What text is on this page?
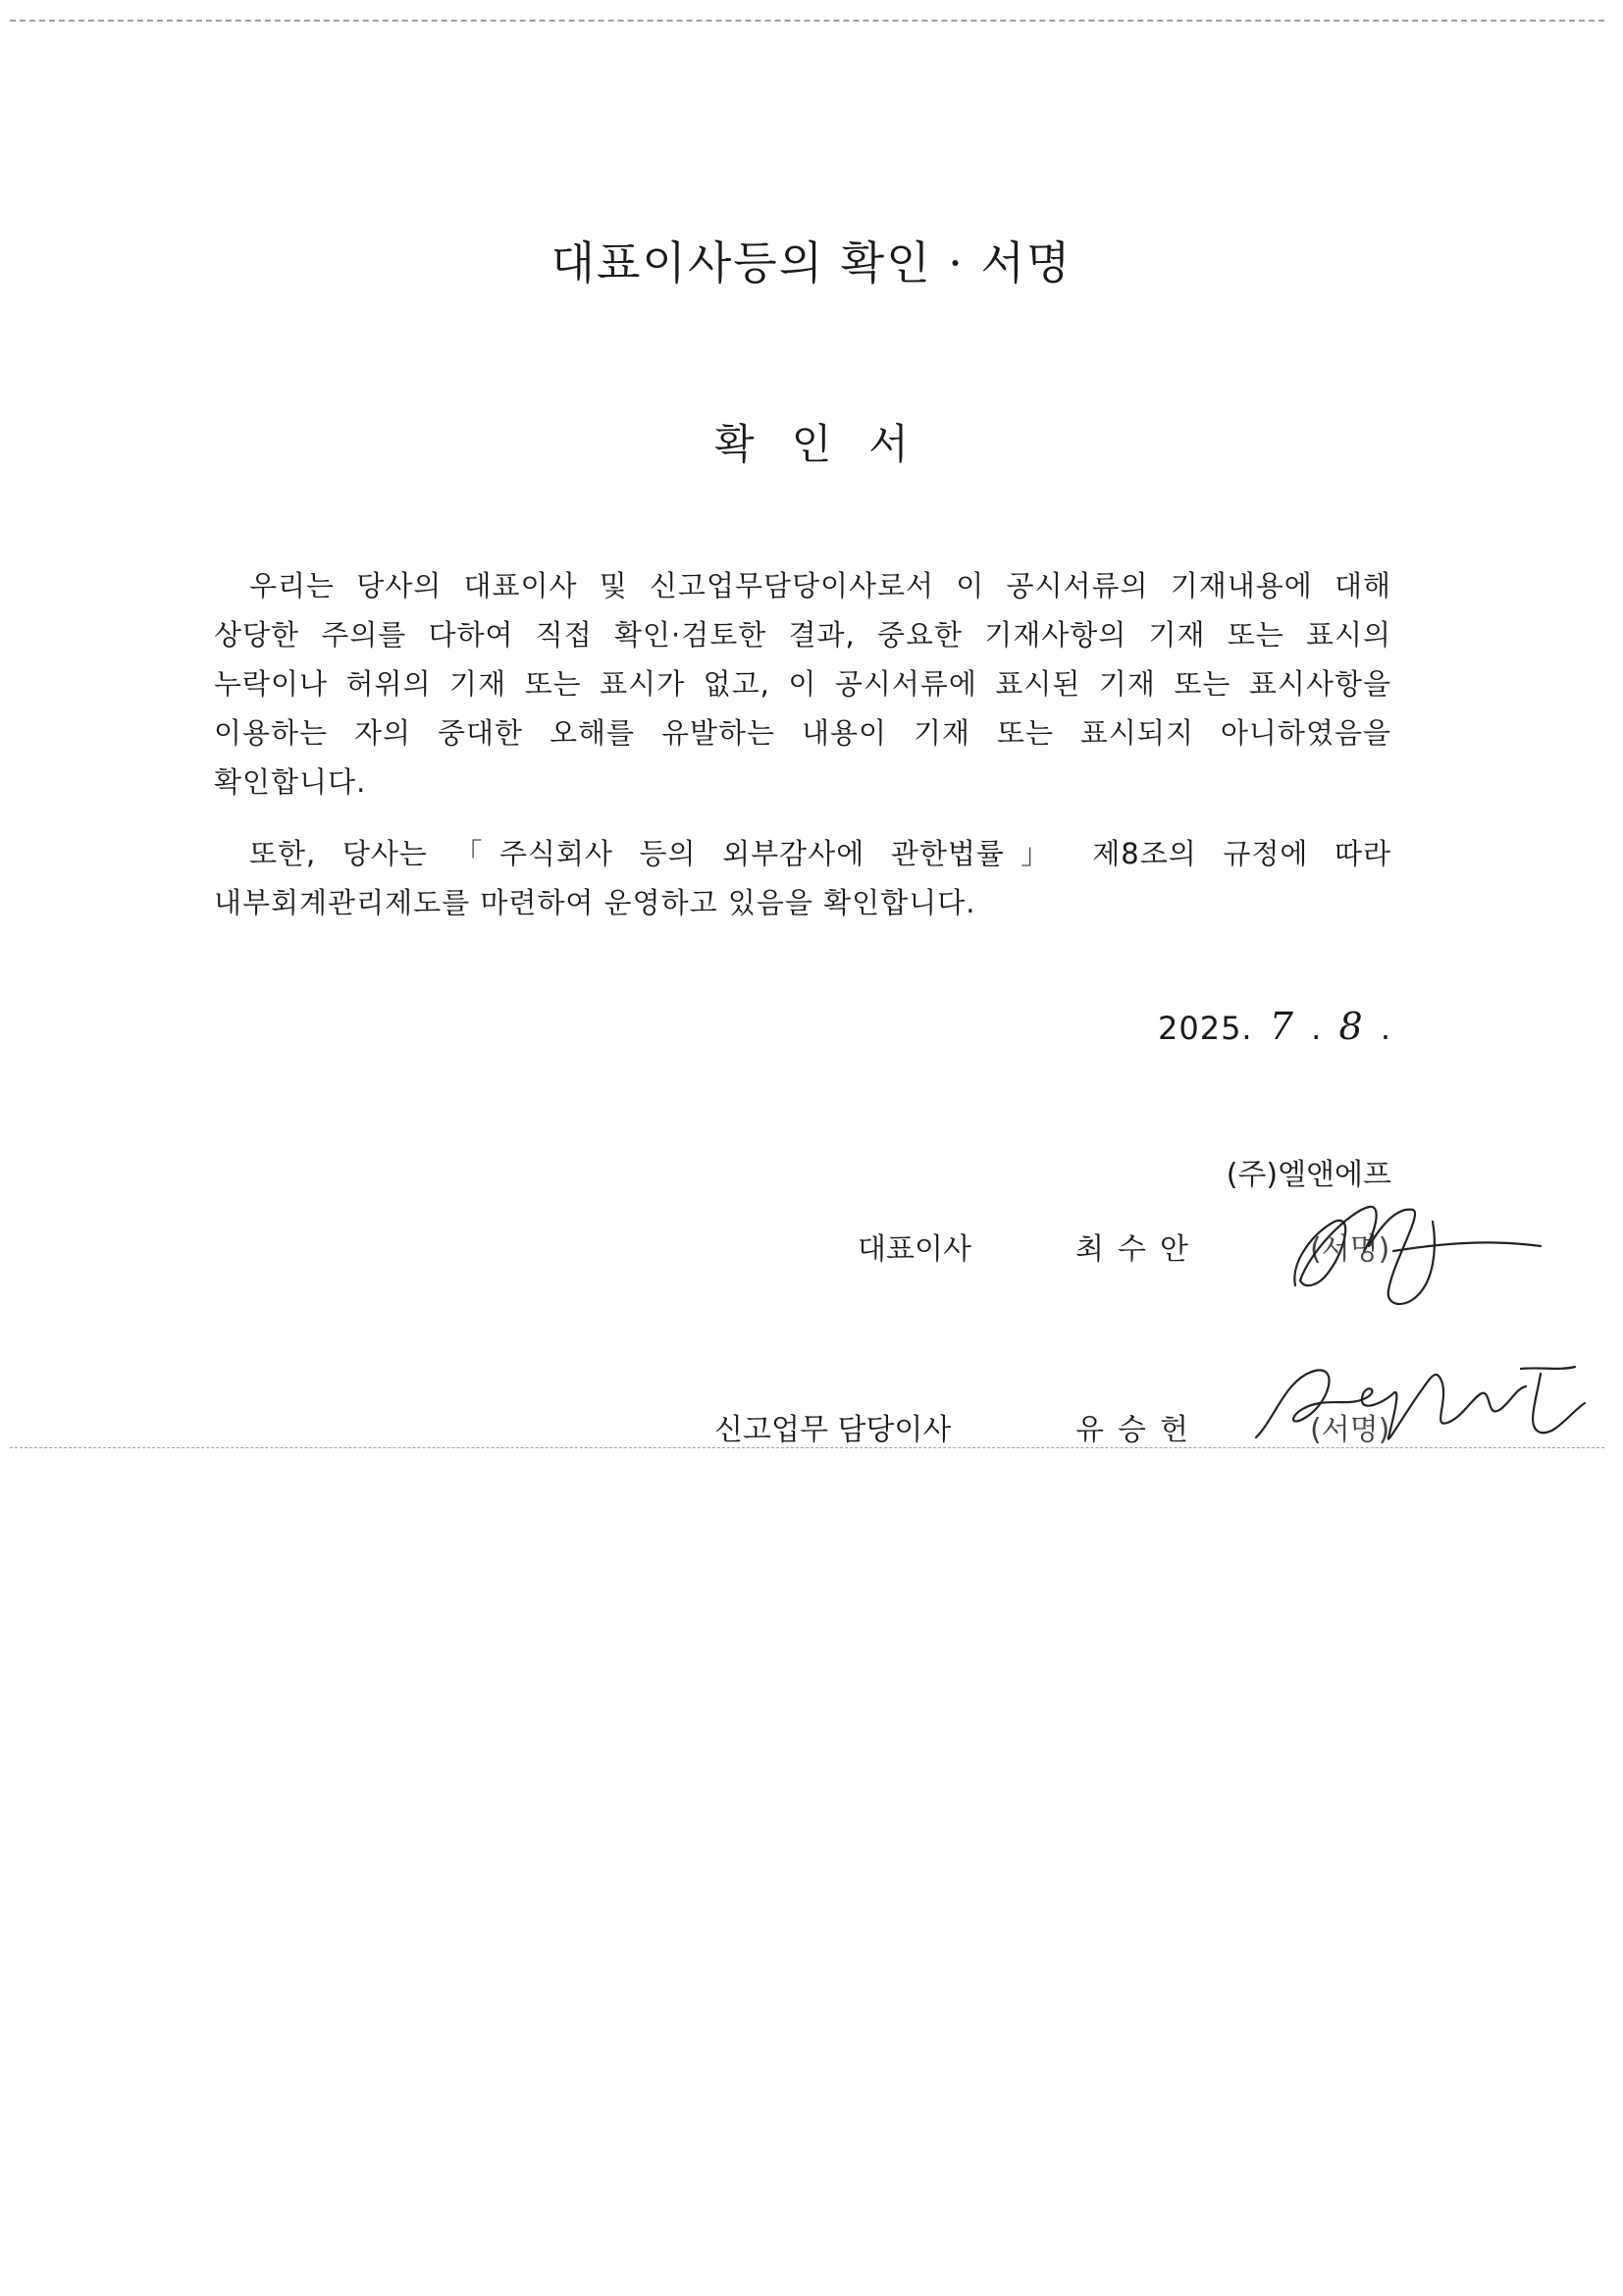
대표이사등의 확인 · 서명
확인서
우리는 당사의 대표이사 및 신고업무담당이사로서 이 공시서류의 기재내용에 대해 상당한 주의를 다하여 직접 확인·검토한 결과, 중요한 기재사항의 기재 또는 표시의 누락이나 허위의 기재 또는 표시가 없고, 이 공시서류에 표시된 기재 또는 표시사항을 이용하는 자의 중대한 오해를 유발하는 내용이 기재 또는 표시되지 아니하였음을 확인합니다.
또한, 당사는 「주식회사 등의 외부감사에 관한법률」 제8조의 규정에 따라 내부회계관리제도를 마련하여 운영하고 있음을 확인합니다.
2025. 7 . 8 .
(주)엘앤에프
대표이사	최수안	(서명)
신고업무 담당이사	유승헌	(서명)
